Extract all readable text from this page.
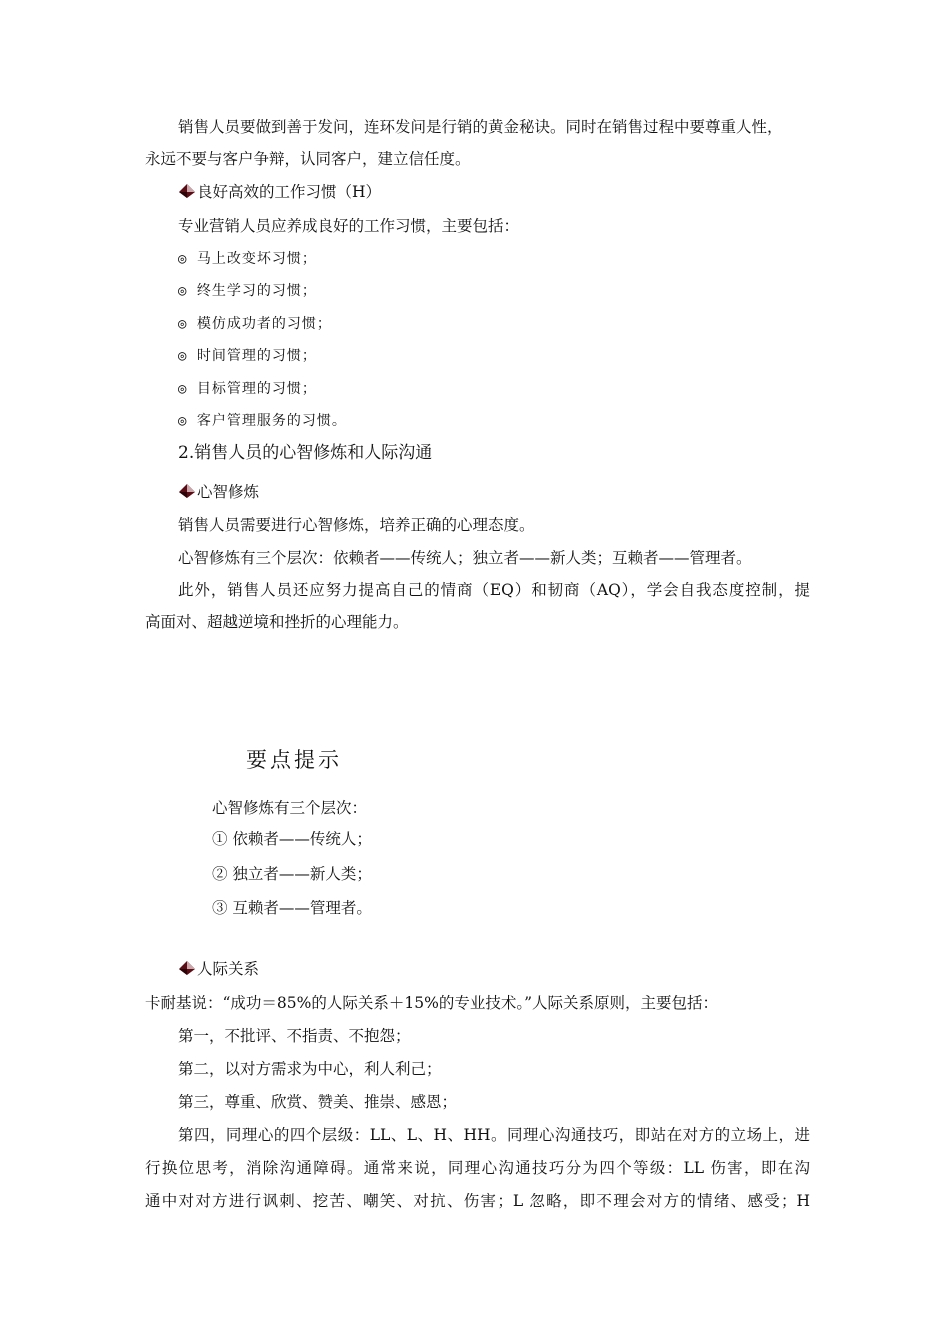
销售人员要做到善于发问，连环发问是行销的黄金秘诀。同时在销售过程中要尊重人性，
永远不要与客户争辩，认同客户，建立信任度。
良好高效的工作习惯（H）
专业营销人员应养成良好的工作习惯，主要包括：
◎ 马上改变坏习惯；
◎ 终生学习的习惯；
◎ 模仿成功者的习惯；
◎ 时间管理的习惯；
◎ 目标管理的习惯；
◎ 客户管理服务的习惯。
2.销售人员的心智修炼和人际沟通
心智修炼
销售人员需要进行心智修炼，培养正确的心理态度。
心智修炼有三个层次：依赖者——传统人；独立者——新人类；互赖者——管理者。
此外，销售人员还应努力提高自己的情商（EQ）和韧商（AQ），学会自我态度控制，提
高面对、超越逆境和挫折的心理能力。
要点提示
心智修炼有三个层次：
① 依赖者——传统人；
② 独立者——新人类；
③ 互赖者——管理者。
人际关系
卡耐基说：“成功＝85%的人际关系＋15%的专业技术。”人际关系原则，主要包括：
第一，不批评、不指责、不抱怨；
第二，以对方需求为中心，利人利己；
第三，尊重、欣赏、赞美、推崇、感恩；
第四，同理心的四个层级：LL、L、H、HH。同理心沟通技巧，即站在对方的立场上，进
行换位思考，消除沟通障碍。通常来说，同理心沟通技巧分为四个等级：LL 伤害，即在沟
通中对对方进行讽刺、挖苦、嘲笑、对抗、伤害；L 忽略，即不理会对方的情绪、感受；H
